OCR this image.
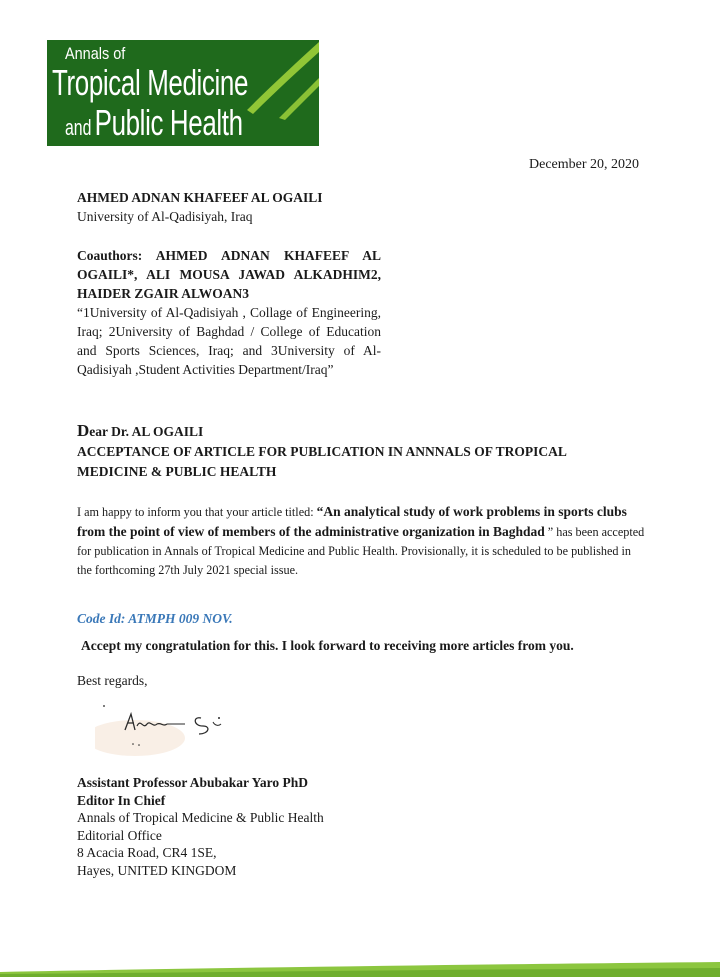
Annals of
Tropical Medicine
and Public Health
December 20, 2020
AHMED ADNAN KHAFEEF AL OGAILI
University of Al-Qadisiyah, Iraq
Coauthors: AHMED ADNAN KHAFEEF AL OGAILI*, ALI MOUSA JAWAD ALKADHIM2, HAIDER ZGAIR ALWOAN3
“1University of Al-Qadisiyah , Collage of Engineering, Iraq; 2University of Baghdad / College of Education and Sports Sciences, Iraq; and 3University of Al-Qadisiyah ,Student Activities Department/Iraq”
Dear Dr. AL OGAILI
ACCEPTANCE OF ARTICLE FOR PUBLICATION IN ANNNALS OF TROPICAL MEDICINE & PUBLIC HEALTH
I am happy to inform you that your article titled: “An analytical study of work problems in sports clubs from the point of view of members of the administrative organization in Baghdad ” has been accepted for publication in Annals of Tropical Medicine and Public Health. Provisionally, it is scheduled to be published in the forthcoming 27th July 2021 special issue.
Code Id: ATMPH 009 NOV.
Accept my congratulation for this. I look forward to receiving more articles from you.
Best regards,
Assistant Professor Abubakar Yaro PhD
Editor In Chief
Annals of Tropical Medicine & Public Health
Editorial Office
8 Acacia Road, CR4 1SE,
Hayes, UNITED KINGDOM
